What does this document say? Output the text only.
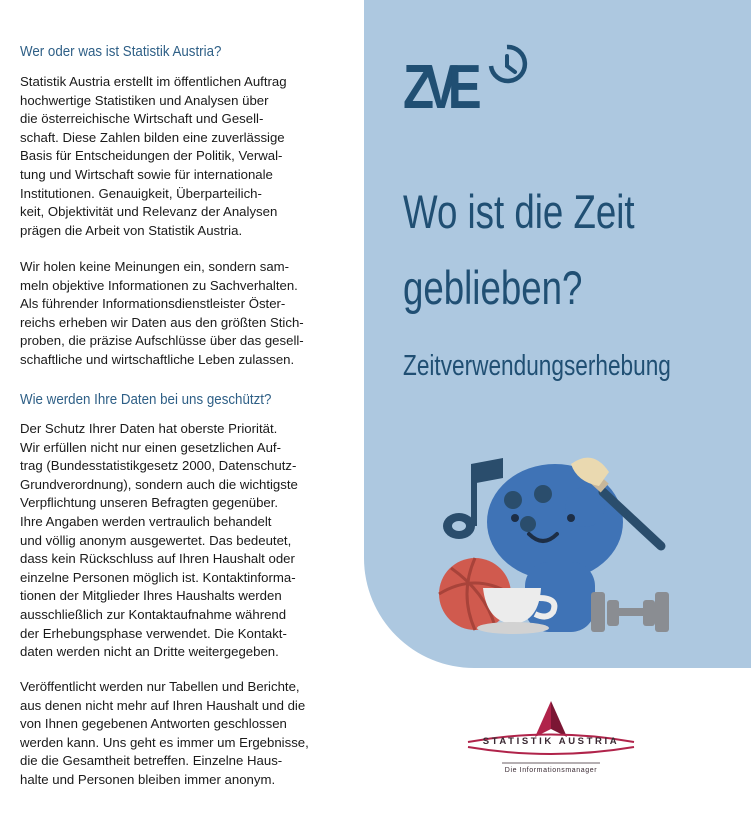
Wer oder was ist Statistik Austria?
Statistik Austria erstellt im öffentlichen Auftrag
hochwertige Statistiken und Analysen über
die österreichische Wirtschaft und Gesell-
schaft. Diese Zahlen bilden eine zuverlässige
Basis für Entscheidungen der Politik, Verwal-
tung und Wirtschaft sowie für internationale
Institutionen. Genauigkeit, Überparteilich-
keit, Objektivität und Relevanz der Analysen
prägen die Arbeit von Statistik Austria.
Wir holen keine Meinungen ein, sondern sam-
meln objektive Informationen zu Sachverhalten.
Als führender Informationsdienstleister Öster-
reichs erheben wir Daten aus den größten Stich-
proben, die präzise Aufschlüsse über das gesell-
schaftliche und wirtschaftliche Leben zulassen.
Wie werden Ihre Daten bei uns geschützt?
Der Schutz Ihrer Daten hat oberste Priorität.
Wir erfüllen nicht nur einen gesetzlichen Auf-
trag (Bundesstatistikgesetz 2000, Datenschutz-
Grundverordnung), sondern auch die wichtigste
Verpflichtung unseren Befragten gegenüber.
Ihre Angaben werden vertraulich behandelt
und völlig anonym ausgewertet. Das bedeutet,
dass kein Rückschluss auf Ihren Haushalt oder
einzelne Personen möglich ist. Kontaktinforma-
tionen der Mitglieder Ihres Haushalts werden
ausschließlich zur Kontaktaufnahme während
der Erhebungsphase verwendet. Die Kontakt-
daten werden nicht an Dritte weitergegeben.
Veröffentlicht werden nur Tabellen und Berichte,
aus denen nicht mehr auf Ihren Haushalt und die
von Ihnen gegebenen Antworten geschlossen
werden kann. Uns geht es immer um Ergebnisse,
die die Gesamtheit betreffen. Einzelne Haus-
halte und Personen bleiben immer anonym.
ZVE
Wo ist die Zeit
geblieben?
Zeitverwendungserhebung
STATISTIK AUSTRIA
Die Informationsmanager
